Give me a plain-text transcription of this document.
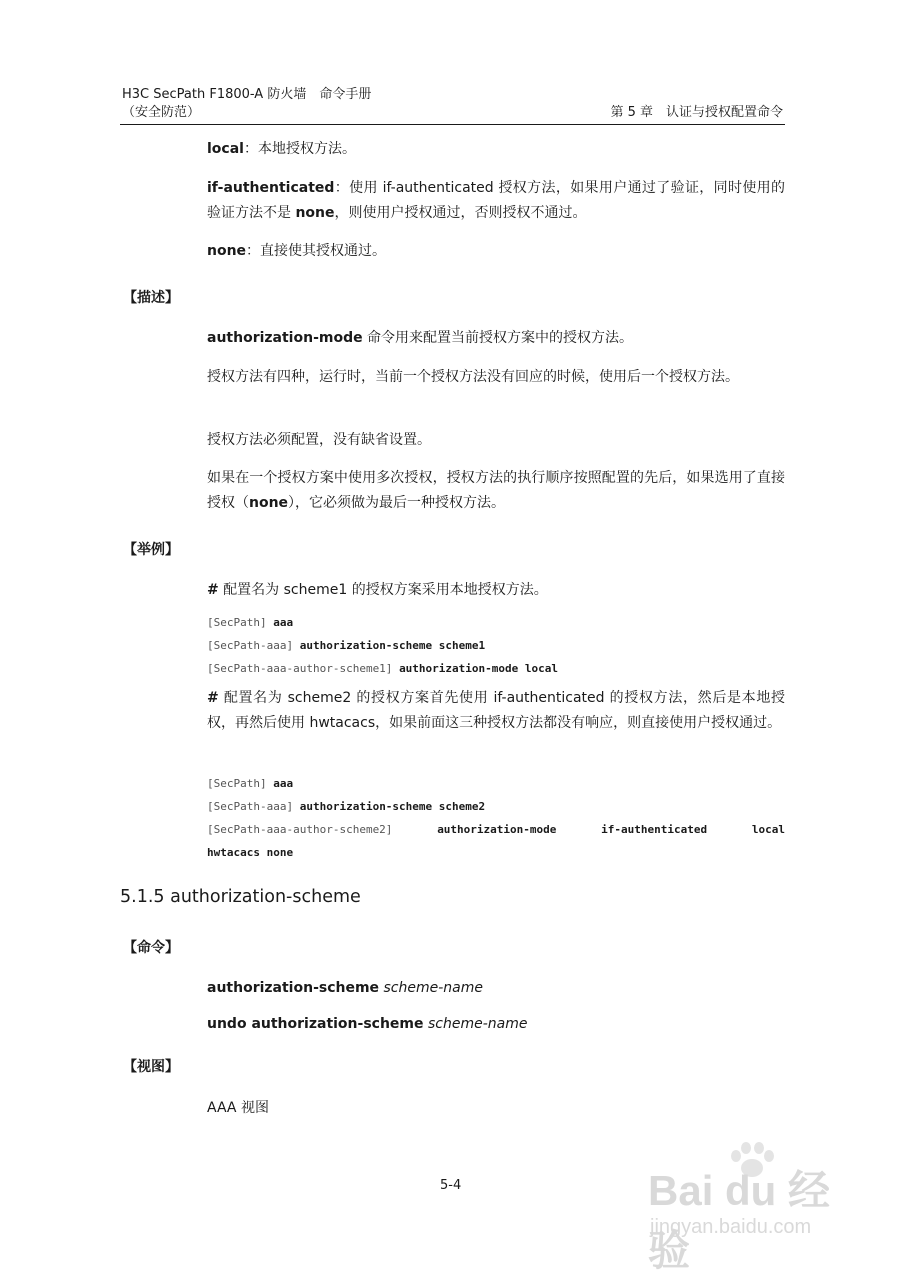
H3C SecPath F1800-A 防火墙　命令手册
（安全防范）	第 5 章　认证与授权配置命令
local：本地授权方法。
if-authenticated：使用 if-authenticated 授权方法，如果用户通过了验证，同时使用的验证方法不是 none，则使用户授权通过，否则授权不通过。
none：直接使其授权通过。
【描述】
authorization-mode 命令用来配置当前授权方案中的授权方法。
授权方法有四种，运行时，当前一个授权方法没有回应的时候，使用后一个授权方法。
授权方法必须配置，没有缺省设置。
如果在一个授权方案中使用多次授权，授权方法的执行顺序按照配置的先后，如果选用了直接授权（none），它必须做为最后一种授权方法。
【举例】
# 配置名为 scheme1 的授权方案采用本地授权方法。
[SecPath] aaa
[SecPath-aaa] authorization-scheme scheme1
[SecPath-aaa-author-scheme1] authorization-mode local
# 配置名为 scheme2 的授权方案首先使用 if-authenticated 的授权方法，然后是本地授权，再然后使用 hwtacacs，如果前面这三种授权方法都没有响应，则直接使用户授权通过。
[SecPath] aaa
[SecPath-aaa] authorization-scheme scheme2
[SecPath-aaa-author-scheme2]	authorization-mode	if-authenticated	local
hwtacacs none
5.1.5 authorization-scheme
【命令】
authorization-scheme scheme-name
undo authorization-scheme scheme-name
【视图】
AAA 视图
5-4	Bai du 经验
jingyan.baidu.com
